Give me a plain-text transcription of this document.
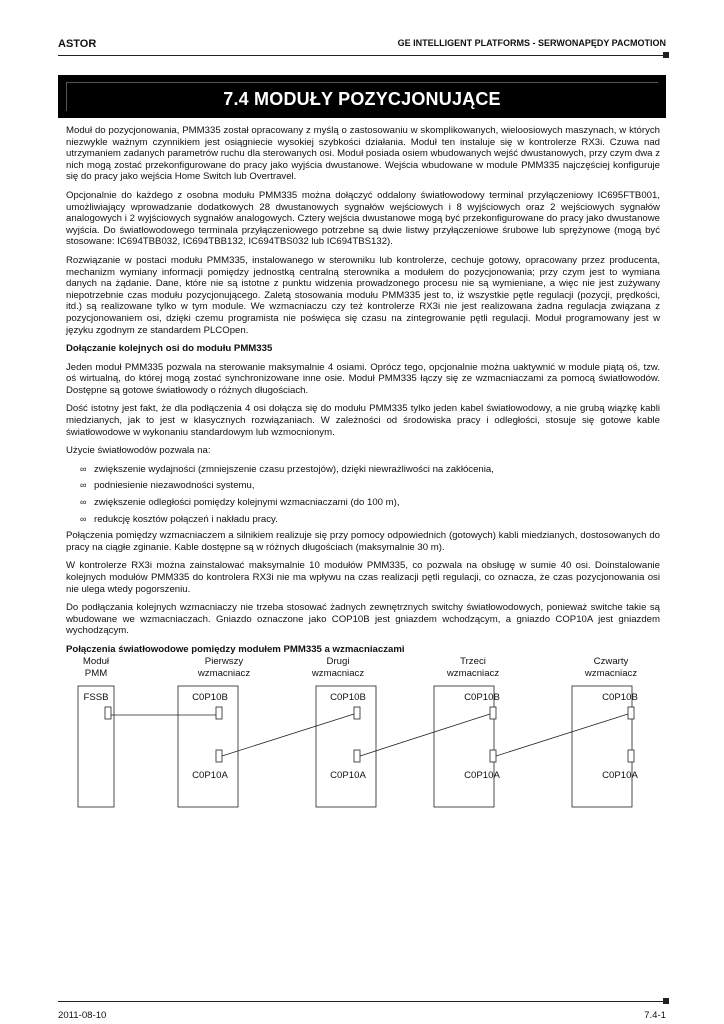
ASTOR	GE INTELLIGENT PLATFORMS - SERWONAPĘDY PACMOTION
7.4 MODUŁY POZYCJONUJĄCE

Moduł do pozycjonowania, PMM335 został opracowany z myślą o zastosowaniu w skomplikowanych, wieloosiowych maszynach, w których niezwykle ważnym czynnikiem jest osiągniecie wysokiej szybkości działania. Moduł ten instaluje się w kontrolerze RX3i. Czuwa nad utrzymaniem zadanych parametrów ruchu dla sterowanych osi. Moduł posiada osiem wbudowanych wejść dwustanowych, przy czym dwa z nich mogą zostać przekonfigurowane do pracy jako wyjścia dwustanowe. Wejścia wbudowane w module PMM335 najczęściej konfiguruje się do pracy jako wejścia Home Switch lub Overtravel.

Opcjonalnie do każdego z osobna modułu PMM335 można dołączyć oddalony światłowodowy terminal przyłączeniowy IC695FTB001, umożliwiający wprowadzanie dodatkowych 28 dwustanowych sygnałów wejściowych i 8 wyjściowych oraz 2 wejściowych sygnałów analogowych i 2 wyjściowych sygnałów analogowych. Cztery wejścia dwustanowe mogą być przekonfigurowane do pracy jako dwustanowe wyjścia. Do światłowodowego terminala przyłączeniowego potrzebne są dwie listwy przyłączeniowe śrubowe lub sprężynowe (mogą być stosowane: IC694TBB032, IC694TBB132, IC694TBS032 lub IC694TBS132).

Rozwiązanie w postaci modułu PMM335, instalowanego w sterowniku lub kontrolerze, cechuje gotowy, opracowany przez producenta, mechanizm wymiany informacji pomiędzy jednostką centralną sterownika a modułem do pozycjonowania; przy czym jest to wymiana danych na żądanie. Dane, które nie są istotne z punktu widzenia prowadzonego procesu nie są wymieniane, a więc nie jest zużywany niepotrzebnie czas modułu pozycjonującego. Zaletą stosowania modułu PMM335 jest to, iż wszystkie pętle regulacji (pozycji, prędkości, itd.) są realizowane tylko w tym module. We wzmacniaczu czy też kontrolerze RX3i nie jest realizowana żadna regulacja związana z pozycjonowaniem osi, dzięki czemu programista nie poświęca się czasu na zintegrowanie pętli regulacji. Moduł programowany jest w języku zgodnym ze standardem PLCOpen.

Dołączanie kolejnych osi do modułu PMM335

Jeden moduł PMM335 pozwala na sterowanie maksymalnie 4 osiami. Oprócz tego, opcjonalnie można uaktywnić w module piątą oś, tzw. oś wirtualną, do której mogą zostać synchronizowane inne osie. Moduł PMM335 łączy się ze wzmacniaczami za pomocą światłowodów. Dostępne są gotowe światłowody o różnych długościach.

Dość istotny jest fakt, że dla podłączenia 4 osi dołącza się do modułu PMM335 tylko jeden kabel światłowodowy, a nie grubą wiązkę kabli miedzianych, jak to jest w klasycznych rozwiązaniach. W zależności od środowiska pracy i odległości, stosuje się gotowe kable światłowodowe w wykonaniu standardowym lub wzmocnionym.

Użycie światłowodów pozwala na:

∞ zwiększenie wydajności (zmniejszenie czasu przestojów), dzięki niewrażliwości na zakłócenia,
∞ podniesienie niezawodności systemu,
∞ zwiększenie odległości pomiędzy kolejnymi wzmacniaczami (do 100 m),
∞ redukcję kosztów połączeń i nakładu pracy.

Połączenia pomiędzy wzmacniaczem a silnikiem realizuje się przy pomocy odpowiednich (gotowych) kabli miedzianych, dostosowanych do pracy na ciągłe zginanie. Kable dostępne są w różnych długościach (maksymalnie 30 m).

W kontrolerze RX3i można zainstalować maksymalnie 10 modułów PMM335, co pozwala na obsługę w sumie 40 osi. Doinstalowanie kolejnych modułów PMM335 do kontrolera RX3i nie ma wpływu na czas realizacji pętli regulacji, co oznacza, że czas pozycjonowania osi nie ulega wtedy pogorszeniu.

Do podłączania kolejnych wzmacniaczy nie trzeba stosować żadnych zewnętrznych switchy światłowodowych, ponieważ switche takie są wbudowane we wzmacniaczach. Gniazdo oznaczone jako COP10B jest gniazdem wchodzącym, a gniazdo COP10A jest gniazdem wychodzącym.

Połączenia światłowodowe pomiędzy modułem PMM335 a wzmacniaczami
Moduł
PMM
FSSB
Pierwszy
wzmacniacz
C0P10B
C0P10A
Drugi
wzmacniacz
C0P10B
C0P10A
Trzeci
wzmacniacz
C0P10B
C0P10A
Czwarty
wzmacniacz
C0P10B
C0P10A
2011-08-10	7.4-1
